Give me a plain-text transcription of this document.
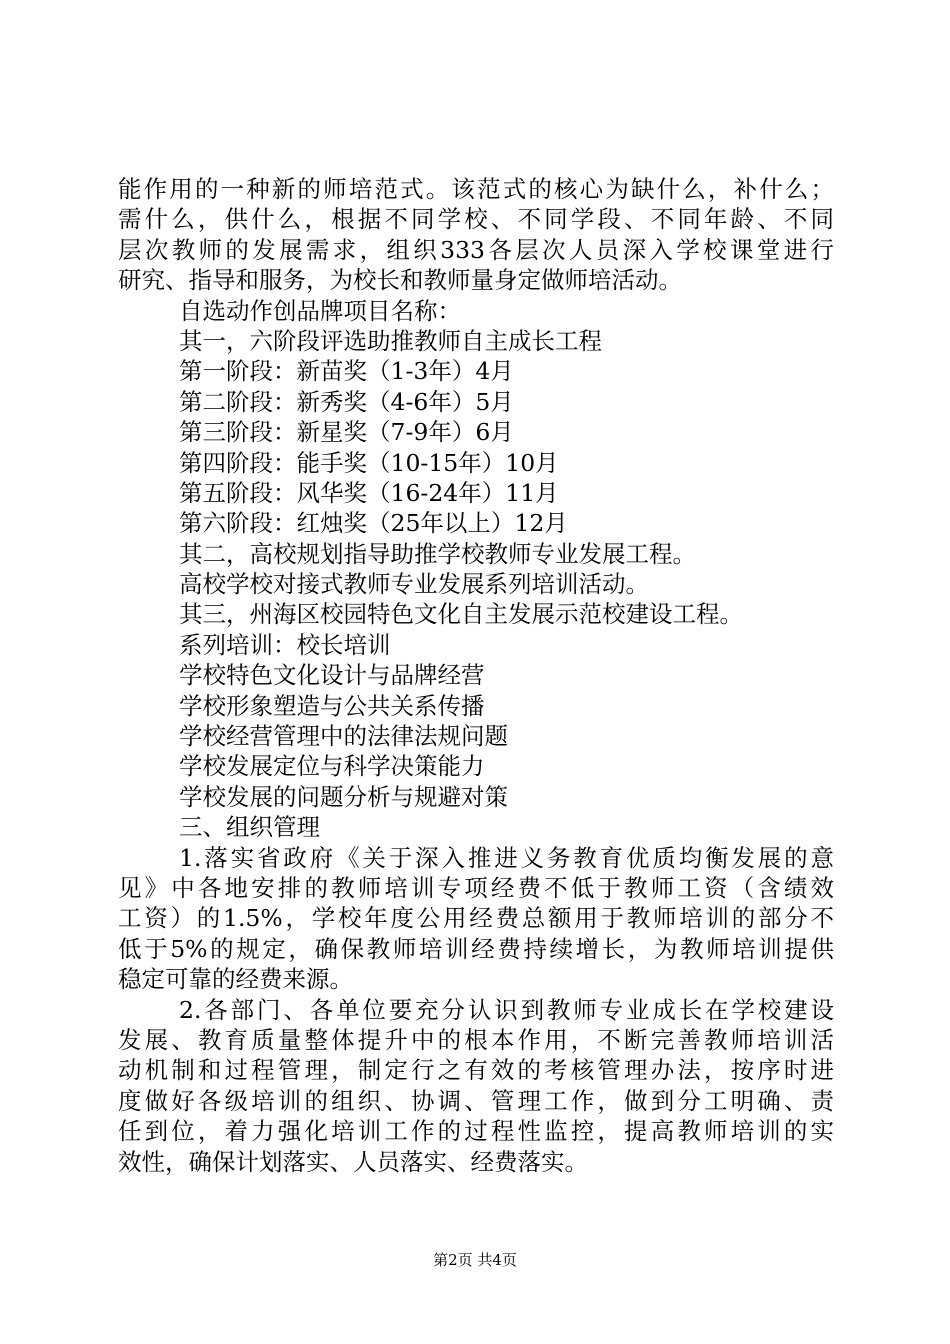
能作用的一种新的师培范式。该范式的核心为缺什么，补什么；
需什么，供什么，根据不同学校、不同学段、不同年龄、不同
层次教师的发展需求，组织333各层次人员深入学校课堂进行
研究、指导和服务，为校长和教师量身定做师培活动。
自选动作创品牌项目名称：
其一，六阶段评选助推教师自主成长工程
第一阶段：新苗奖（1-3年）4月
第二阶段：新秀奖（4-6年）5月
第三阶段：新星奖（7-9年）6月
第四阶段：能手奖（10-15年）10月
第五阶段：风华奖（16-24年）11月
第六阶段：红烛奖（25年以上）12月
其二，高校规划指导助推学校教师专业发展工程。
高校学校对接式教师专业发展系列培训活动。
其三，州海区校园特色文化自主发展示范校建设工程。
系列培训：校长培训
学校特色文化设计与品牌经营
学校形象塑造与公共关系传播
学校经营管理中的法律法规问题
学校发展定位与科学决策能力
学校发展的问题分析与规避对策
三、组织管理
1.落实省政府《关于深入推进义务教育优质均衡发展的意
见》中各地安排的教师培训专项经费不低于教师工资（含绩效
工资）的1.5%，学校年度公用经费总额用于教师培训的部分不
低于5%的规定，确保教师培训经费持续增长，为教师培训提供
稳定可靠的经费来源。
2.各部门、各单位要充分认识到教师专业成长在学校建设
发展、教育质量整体提升中的根本作用，不断完善教师培训活
动机制和过程管理，制定行之有效的考核管理办法，按序时进
度做好各级培训的组织、协调、管理工作，做到分工明确、责
任到位，着力强化培训工作的过程性监控，提高教师培训的实
效性，确保计划落实、人员落实、经费落实。
第2页 共4页
